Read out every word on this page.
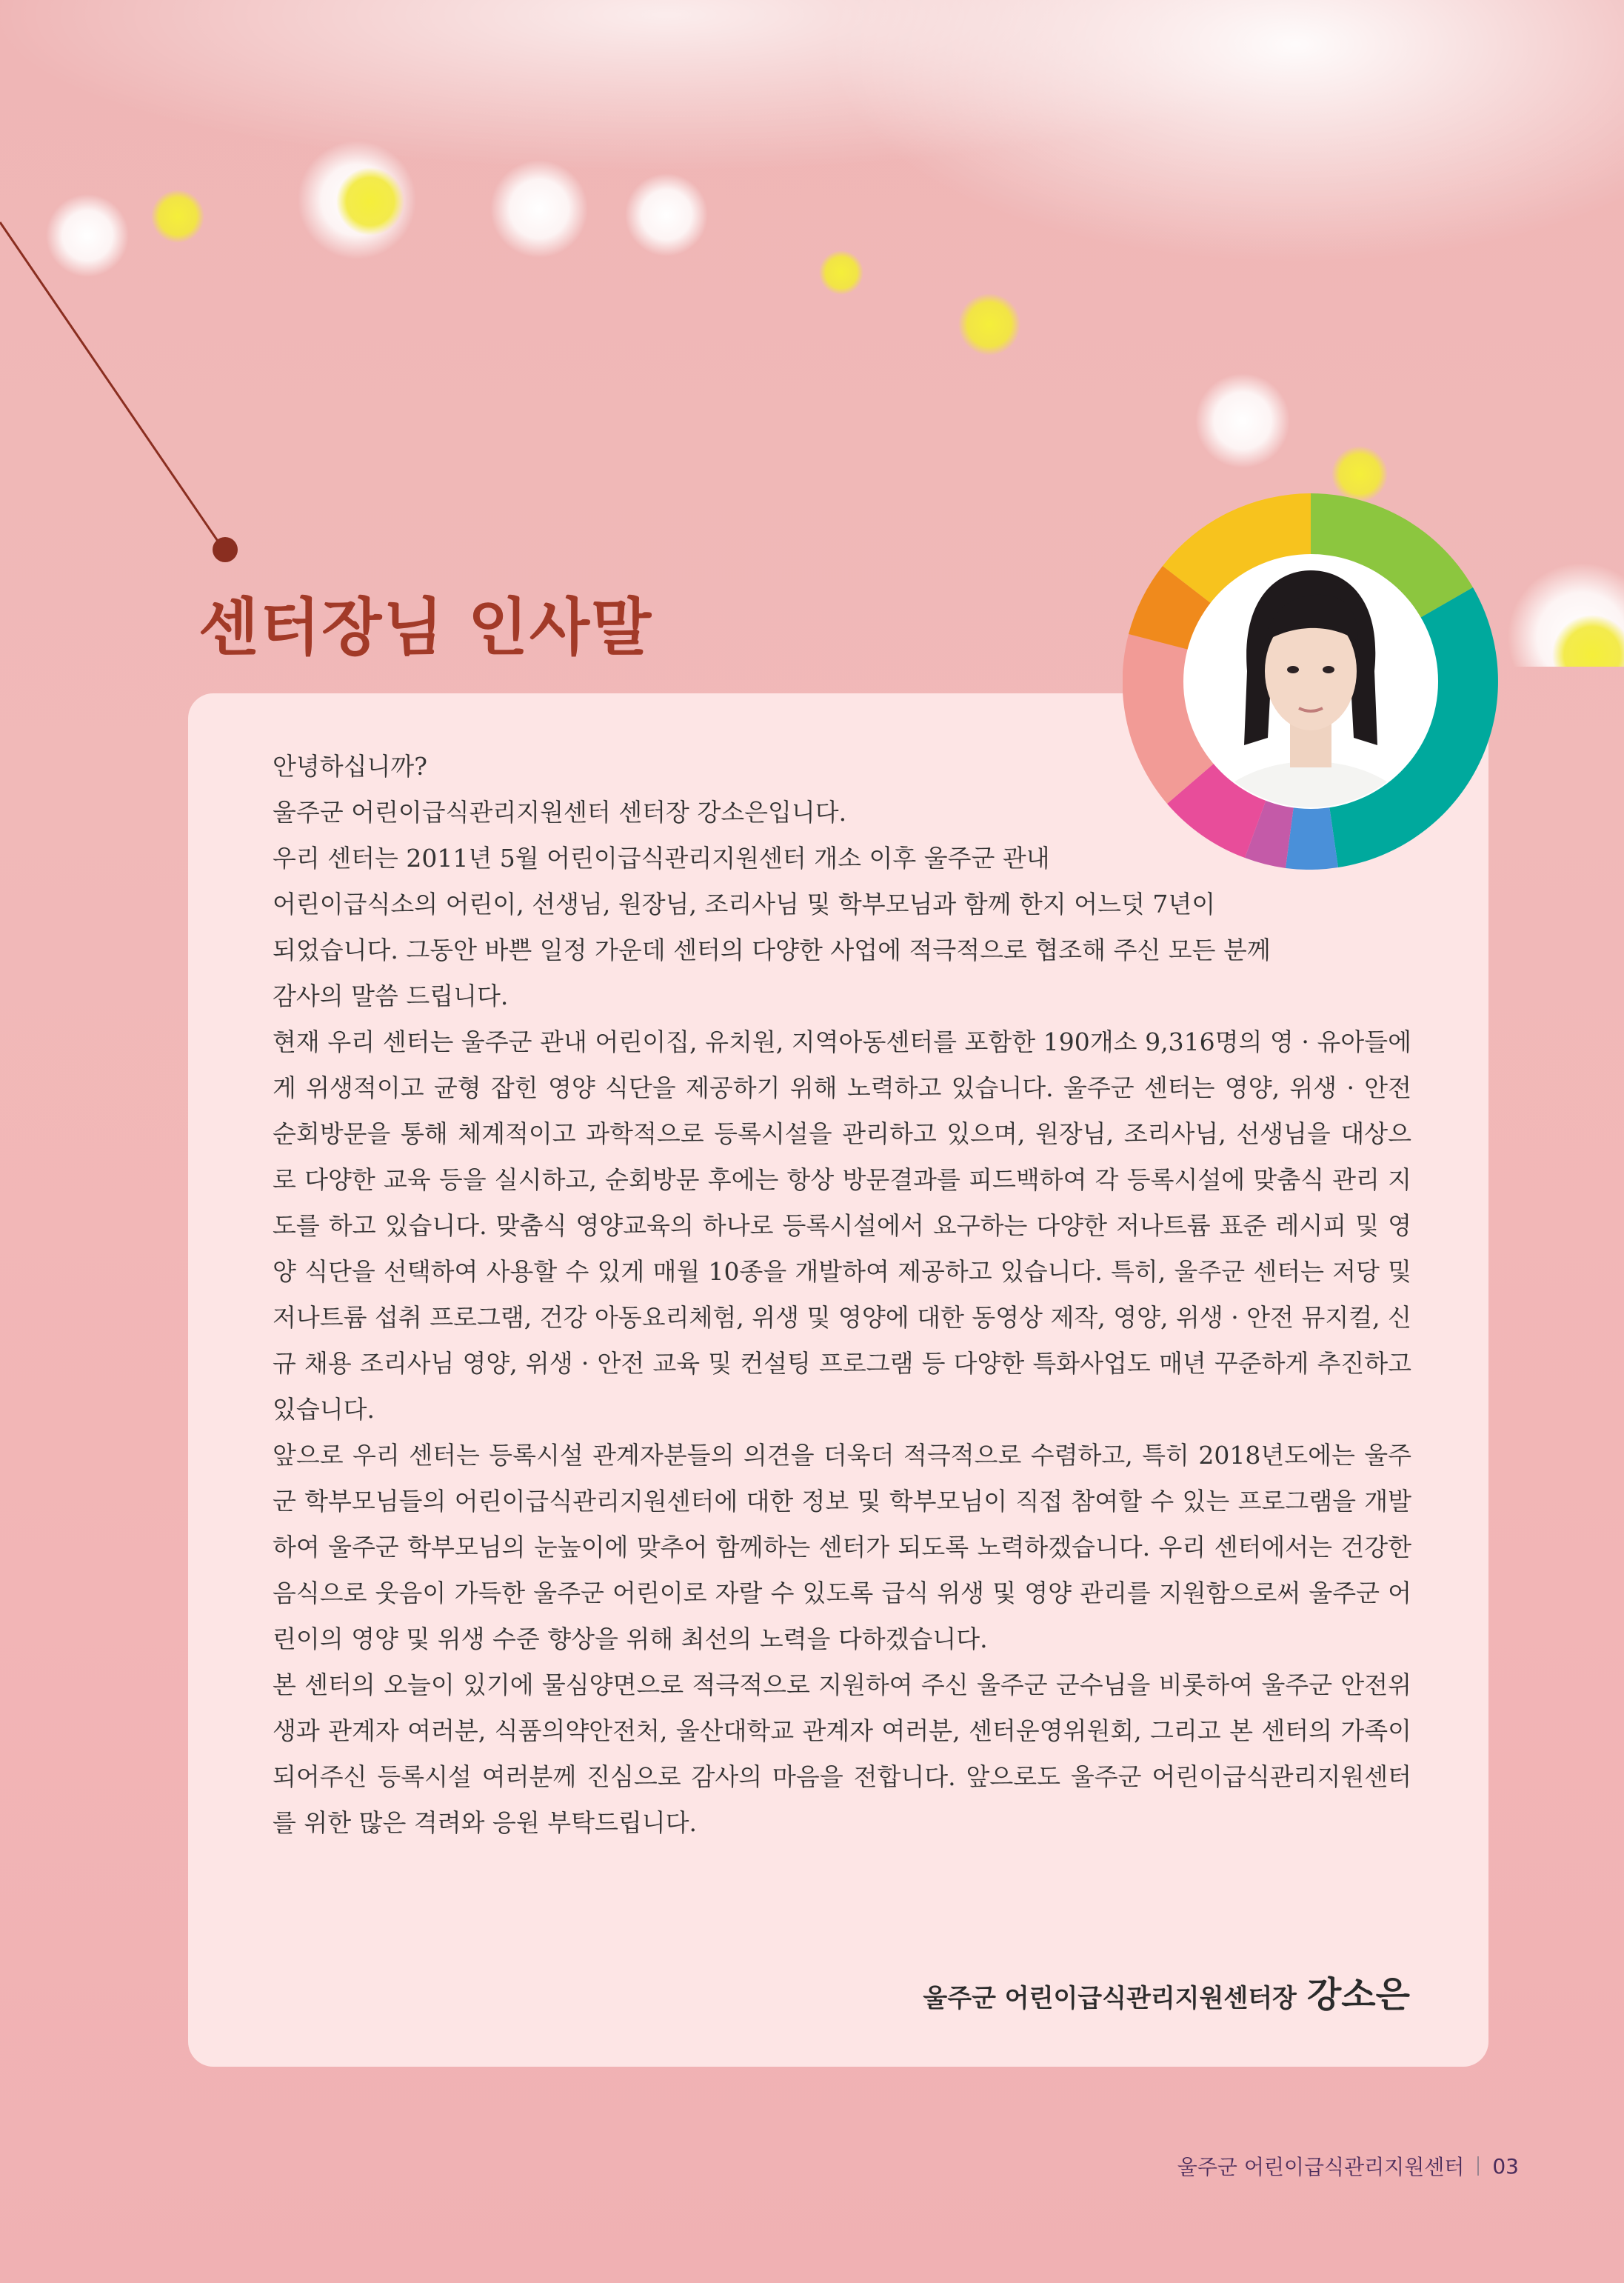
센터장님 인사말
안녕하십니까?
울주군 어린이급식관리지원센터 센터장 강소은입니다.
우리 센터는 2011년 5월 어린이급식관리지원센터 개소 이후 울주군 관내
어린이급식소의 어린이, 선생님, 원장님, 조리사님 및 학부모님과 함께 한지 어느덧 7년이
되었습니다. 그동안 바쁜 일정 가운데 센터의 다양한 사업에 적극적으로 협조해 주신 모든 분께
감사의 말씀 드립니다.
현재 우리 센터는 울주군 관내 어린이집, 유치원, 지역아동센터를 포함한 190개소 9,316명의 영 · 유아들에게 위생적이고 균형 잡힌 영양 식단을 제공하기 위해 노력하고 있습니다. 울주군 센터는 영양, 위생 · 안전 순회방문을 통해 체계적이고 과학적으로 등록시설을 관리하고 있으며, 원장님, 조리사님, 선생님을 대상으로 다양한 교육 등을 실시하고, 순회방문 후에는 항상 방문결과를 피드백하여 각 등록시설에 맞춤식 관리 지도를 하고 있습니다. 맞춤식 영양교육의 하나로 등록시설에서 요구하는 다양한 저나트륨 표준 레시피 및 영양 식단을 선택하여 사용할 수 있게 매월 10종을 개발하여 제공하고 있습니다. 특히, 울주군 센터는 저당 및 저나트륨 섭취 프로그램, 건강 아동요리체험, 위생 및 영양에 대한 동영상 제작, 영양, 위생 · 안전 뮤지컬, 신규 채용 조리사님 영양, 위생 · 안전 교육 및 컨설팅 프로그램 등 다양한 특화사업도 매년 꾸준하게 추진하고 있습니다.
앞으로 우리 센터는 등록시설 관계자분들의 의견을 더욱더 적극적으로 수렴하고, 특히 2018년도에는 울주군 학부모님들의 어린이급식관리지원센터에 대한 정보 및 학부모님이 직접 참여할 수 있는 프로그램을 개발하여 울주군 학부모님의 눈높이에 맞추어 함께하는 센터가 되도록 노력하겠습니다. 우리 센터에서는 건강한 음식으로 웃음이 가득한 울주군 어린이로 자랄 수 있도록 급식 위생 및 영양 관리를 지원함으로써 울주군 어린이의 영양 및 위생 수준 향상을 위해 최선의 노력을 다하겠습니다.
본 센터의 오늘이 있기에 물심양면으로 적극적으로 지원하여 주신 울주군 군수님을 비롯하여 울주군 안전위생과 관계자 여러분, 식품의약안전처, 울산대학교 관계자 여러분, 센터운영위원회, 그리고 본 센터의 가족이 되어주신 등록시설 여러분께 진심으로 감사의 마음을 전합니다. 앞으로도 울주군 어린이급식관리지원센터를 위한 많은 격려와 응원 부탁드립니다.
울주군 어린이급식관리지원센터장 강소은
울주군 어린이급식관리지원센터 03
